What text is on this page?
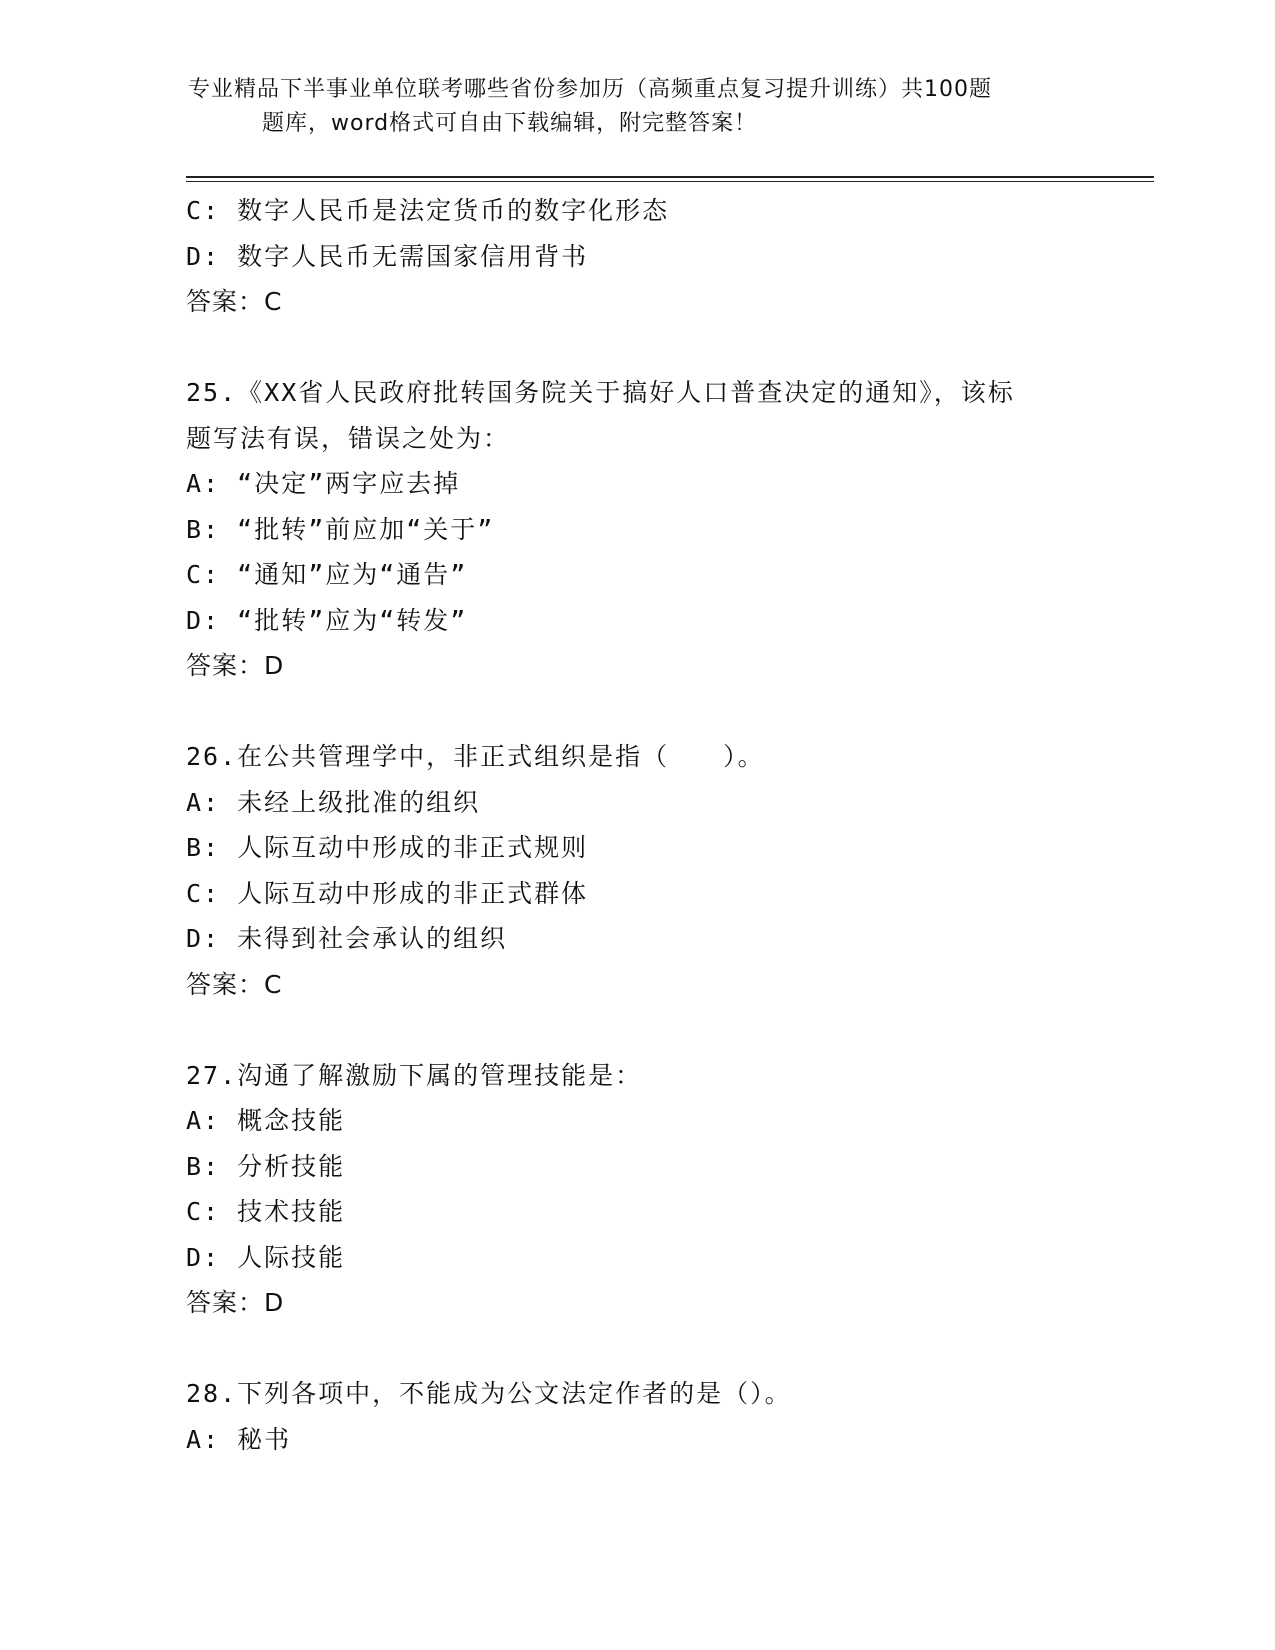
专业精品下半事业单位联考哪些省份参加历（高频重点复习提升训练）共100题
题库，word格式可自由下载编辑，附完整答案！
C: 数字人民币是法定货币的数字化形态
D: 数字人民币无需国家信用背书
答案：C
25.《XX省人民政府批转国务院关于搞好人口普查决定的通知》，该标
题写法有误，错误之处为：
A: “决定”两字应去掉
B: “批转”前应加“关于”
C: “通知”应为“通告”
D: “批转”应为“转发”
答案：D
26.在公共管理学中，非正式组织是指（　　）。
A: 未经上级批准的组织
B: 人际互动中形成的非正式规则
C: 人际互动中形成的非正式群体
D: 未得到社会承认的组织
答案：C
27.沟通了解激励下属的管理技能是：
A: 概念技能
B: 分析技能
C: 技术技能
D: 人际技能
答案：D
28.下列各项中，不能成为公文法定作者的是（）。
A: 秘书
